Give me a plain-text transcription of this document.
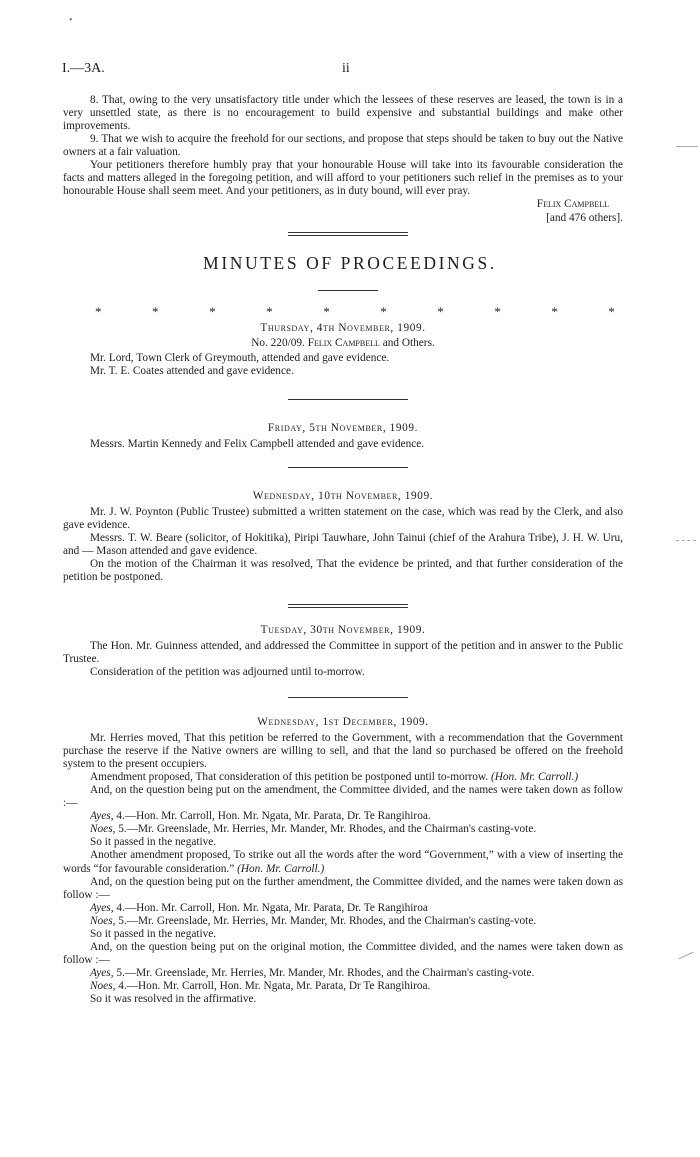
I.—3A.	ii

8. That, owing to the very unsatisfactory title under which the lessees of these reserves are leased, the town is in a very unsettled state, as there is no encouragement to build expensive and substantial buildings and make other improvements.

9. That we wish to acquire the freehold for our sections, and propose that steps should be taken to buy out the Native owners at a fair valuation.

Your petitioners therefore humbly pray that your honourable House will take into its favourable consideration the facts and matters alleged in the foregoing petition, and will afford to your petitioners such relief in the premises as to your honourable House shall seem meet. And your petitioners, as in duty bound, will ever pray.

Felix Campbell
[and 476 others].
MINUTES OF PROCEEDINGS.
*	*	*	*	*	*	*	*	*	*
Thursday, 4th November, 1909.
No. 220/09. Felix Campbell and Others.

Mr. Lord, Town Clerk of Greymouth, attended and gave evidence.

Mr. T. E. Coates attended and gave evidence.

Friday, 5th November, 1909.

Messrs. Martin Kennedy and Felix Campbell attended and gave evidence.

Wednesday, 10th November, 1909.

Mr. J. W. Poynton (Public Trustee) submitted a written statement on the case, which was read by the Clerk, and also gave evidence.

Messrs. T. W. Beare (solicitor, of Hokitika), Piripi Tauwhare, John Tainui (chief of the Arahura Tribe), J. H. W. Uru, and — Mason attended and gave evidence.

On the motion of the Chairman it was resolved, That the evidence be printed, and that further consideration of the petition be postponed.

Tuesday, 30th November, 1909.

The Hon. Mr. Guinness attended, and addressed the Committee in support of the petition and in answer to the Public Trustee.

Consideration of the petition was adjourned until to-morrow.

Wednesday, 1st December, 1909.

Mr. Herries moved, That this petition be referred to the Government, with a recommendation that the Government purchase the reserve if the Native owners are willing to sell, and that the land so purchased be offered on the freehold system to the present occupiers.

Amendment proposed, That consideration of this petition be postponed until to-morrow. (Hon. Mr. Carroll.)

And, on the question being put on the amendment, the Committee divided, and the names were taken down as follow :—

Ayes, 4.—Hon. Mr. Carroll, Hon. Mr. Ngata, Mr. Parata, Dr. Te Rangihiroa.

Noes, 5.—Mr. Greenslade, Mr. Herries, Mr. Mander, Mr. Rhodes, and the Chairman's casting-vote.

So it passed in the negative.

Another amendment proposed, To strike out all the words after the word “Government,” with a view of inserting the words “for favourable consideration.” (Hon. Mr. Carroll.)

And, on the question being put on the further amendment, the Committee divided, and the names were taken down as follow :—

Ayes, 4.—Hon. Mr. Carroll, Hon. Mr. Ngata, Mr. Parata, Dr. Te Rangihiroa

Noes, 5.—Mr. Greenslade, Mr. Herries, Mr. Mander, Mr. Rhodes, and the Chairman's casting-vote.

So it passed in the negative.

And, on the question being put on the original motion, the Committee divided, and the names were taken down as follow :—

Ayes, 5.—Mr. Greenslade, Mr. Herries, Mr. Mander, Mr. Rhodes, and the Chairman's casting-vote.

Noes, 4.—Hon. Mr. Carroll, Hon. Mr. Ngata, Mr. Parata, Dr Te Rangihiroa.

So it was resolved in the affirmative.

•
